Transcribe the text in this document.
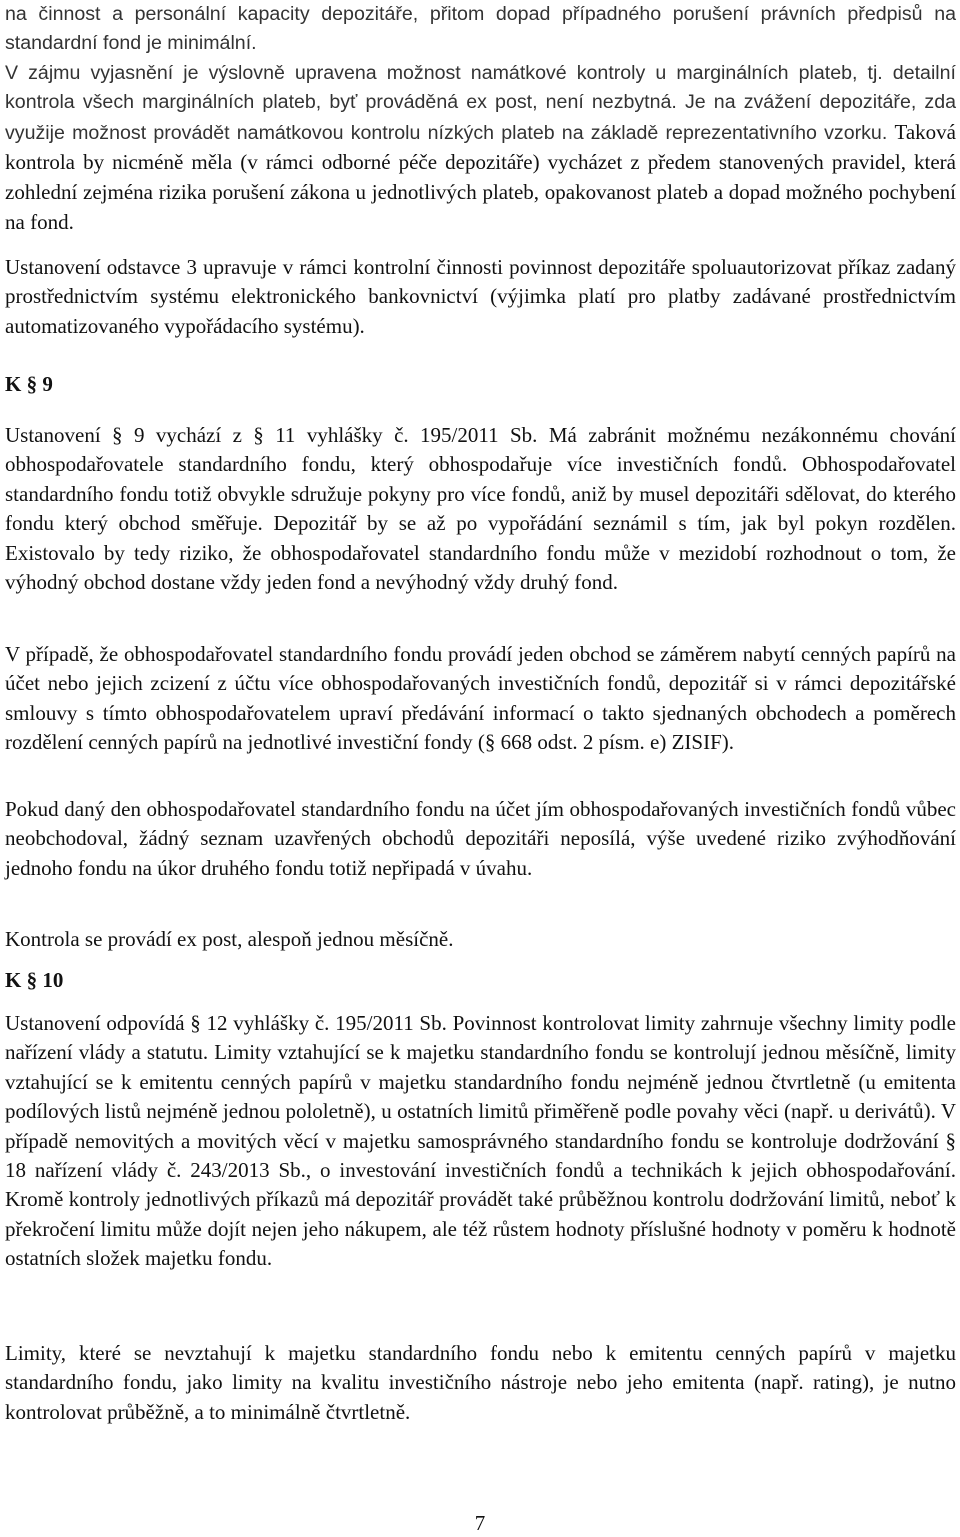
na činnost a personální kapacity depozitáře, přitom dopad případného porušení právních předpisů na standardní fond je minimální.

V zájmu vyjasnění je výslovně upravena možnost namátkové kontroly u marginálních plateb, tj. detailní kontrola všech marginálních plateb, byť prováděná ex post, není nezbytná. Je na zvážení depozitáře, zda využije možnost provádět namátkovou kontrolu nízkých plateb na základě reprezentativního vzorku. Taková kontrola by nicméně měla (v rámci odborné péče depozitáře) vycházet z předem stanovených pravidel, která zohlední zejména rizika porušení zákona u jednotlivých plateb, opakovanost plateb a dopad možného pochybení na fond.

Ustanovení odstavce 3 upravuje v rámci kontrolní činnosti povinnost depozitáře spoluautorizovat příkaz zadaný prostřednictvím systému elektronického bankovnictví (výjimka platí pro platby zadávané prostřednictvím automatizovaného vypořádacího systému).

K § 9

Ustanovení § 9 vychází z § 11 vyhlášky č. 195/2011 Sb. Má zabránit možnému nezákonnému chování obhospodařovatele standardního fondu, který obhospodařuje více investičních fondů. Obhospodařovatel standardního fondu totiž obvykle sdružuje pokyny pro více fondů, aniž by musel depozitáři sdělovat, do kterého fondu který obchod směřuje. Depozitář by se až po vypořádání seznámil s tím, jak byl pokyn rozdělen. Existovalo by tedy riziko, že obhospodařovatel standardního fondu může v mezidobí rozhodnout o tom, že výhodný obchod dostane vždy jeden fond a nevýhodný vždy druhý fond.

V případě, že obhospodařovatel standardního fondu provádí jeden obchod se záměrem nabytí cenných papírů na účet nebo jejich zcizení z účtu více obhospodařovaných investičních fondů, depozitář si v rámci depozitářské smlouvy s tímto obhospodařovatelem upraví předávání informací o takto sjednaných obchodech a poměrech rozdělení cenných papírů na jednotlivé investiční fondy (§ 668 odst. 2 písm. e) ZISIF).

Pokud daný den obhospodařovatel standardního fondu na účet jím obhospodařovaných investičních fondů vůbec neobchodoval, žádný seznam uzavřených obchodů depozitáři neposílá, výše uvedené riziko zvýhodňování jednoho fondu na úkor druhého fondu totiž nepřipadá v úvahu.

Kontrola se provádí ex post, alespoň jednou měsíčně.

K § 10

Ustanovení odpovídá § 12 vyhlášky č. 195/2011 Sb. Povinnost kontrolovat limity zahrnuje všechny limity podle nařízení vlády a statutu. Limity vztahující se k majetku standardního fondu se kontrolují jednou měsíčně, limity vztahující se k emitentu cenných papírů v majetku standardního fondu nejméně jednou čtvrtletně (u emitenta podílových listů nejméně jednou pololetně), u ostatních limitů přiměřeně podle povahy věci (např. u derivátů). V případě nemovitých a movitých věcí v majetku samosprávného standardního fondu se kontroluje dodržování § 18 nařízení vlády č. 243/2013 Sb., o investování investičních fondů a technikách k jejich obhospodařování. Kromě kontroly jednotlivých příkazů má depozitář provádět také průběžnou kontrolu dodržování limitů, neboť k překročení limitu může dojít nejen jeho nákupem, ale též růstem hodnoty příslušné hodnoty v poměru k hodnotě ostatních složek majetku fondu.

Limity, které se nevztahují k majetku standardního fondu nebo k emitentu cenných papírů v majetku standardního fondu, jako limity na kvalitu investičního nástroje nebo jeho emitenta (např. rating), je nutno kontrolovat průběžně, a to minimálně čtvrtletně.

7
